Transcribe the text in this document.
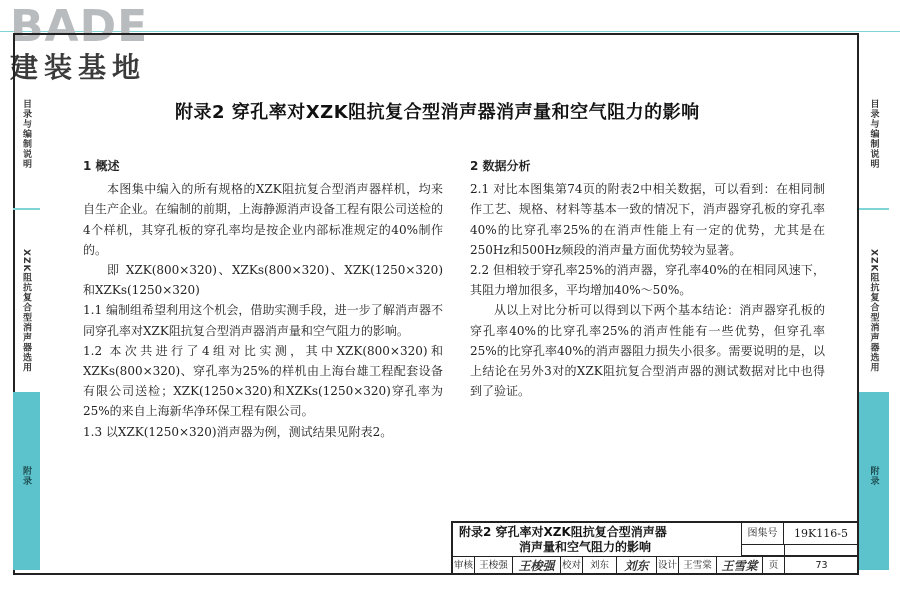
BADE
建装基地
目录与编制说明
XZK阻抗复合型消声器选用
附录
目录与编制说明
XZK阻抗复合型消声器选用
附录
附录2 穿孔率对XZK阻抗复合型消声器消声量和空气阻力的影响
1 概述

本图集中编入的所有规格的XZK阻抗复合型消声器样机，均来自生产企业。在编制的前期，上海静源消声设备工程有限公司送检的4个样机，其穿孔板的穿孔率均是按企业内部标准规定的40%制作的。

即 XZK(800×320)、XZKs(800×320)、XZK(1250×320)和XZKs(1250×320)

1.1 编制组希望利用这个机会，借助实测手段，进一步了解消声器不同穿孔率对XZK阻抗复合型消声器消声量和空气阻力的影响。

1.2 本次共进行了4组对比实测，其中XZK(800×320)和XZKs(800×320)、穿孔率为25%的样机由上海台雄工程配套设备有限公司送检；XZK(1250×320)和XZKs(1250×320)穿孔率为25%的来自上海新华净环保工程有限公司。

1.3 以XZK(1250×320)消声器为例，测试结果见附表2。

2 数据分析

2.1 对比本图集第74页的附表2中相关数据，可以看到：在相同制作工艺、规格、材料等基本一致的情况下，消声器穿孔板的穿孔率40%的比穿孔率25%的在消声性能上有一定的优势，尤其是在250Hz和500Hz频段的消声量方面优势较为显著。

2.2 但相较于穿孔率25%的消声器，穿孔率40%的在相同风速下，其阻力增加很多，平均增加40%～50%。

从以上对比分析可以得到以下两个基本结论：消声器穿孔板的穿孔率40%的比穿孔率25%的消声性能有一些优势，但穿孔率25%的比穿孔率40%的消声器阻力损失小很多。需要说明的是，以上结论在另外3对的XZK阻抗复合型消声器的测试数据对比中也得到了验证。

附录2 穿孔率对XZK阻抗复合型消声器
消声量和空气阻力的影响
图集号	19K116-5
审核 王梭强 王梭强 校对 刘东	刘东 设计 王雪棠 王雪棠	页	73
